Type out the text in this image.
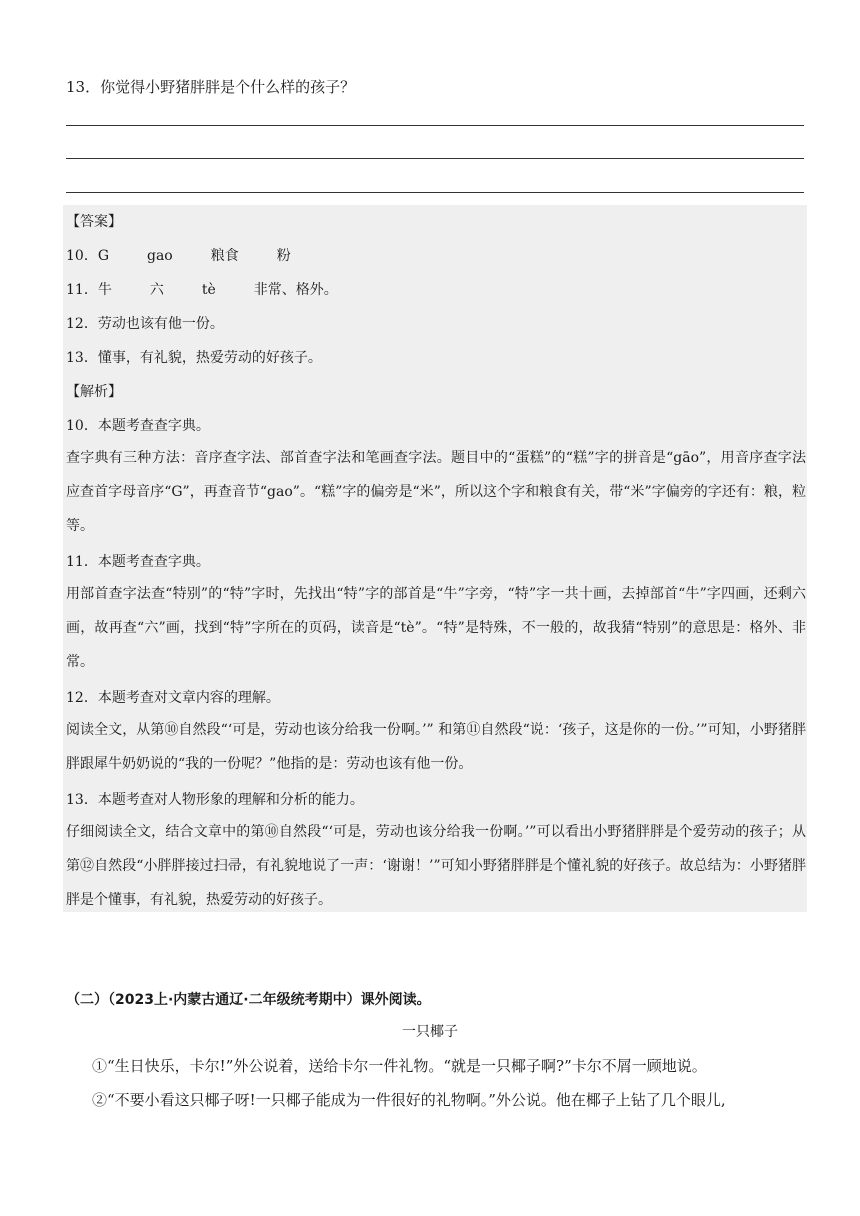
13．你觉得小野猪胖胖是个什么样的孩子？
【答案】
10．G	gao	粮食	粉
11．牛	六	tè	非常、格外。
12．劳动也该有他一份。
13．懂事，有礼貌，热爱劳动的好孩子。
【解析】
10．本题考查查字典。
查字典有三种方法：音序查字法、部首查字法和笔画查字法。题目中的“蛋糕”的“糕”字的拼音是“gāo”，用音序查字法应查首字母音序“G”，再查音节“gao”。“糕”字的偏旁是“米”，所以这个字和粮食有关，带“米”字偏旁的字还有：粮，粒等。
11．本题考查查字典。
用部首查字法查“特别”的“特”字时，先找出“特”字的部首是“牛”字旁，“特”字一共十画，去掉部首“牛”字四画，还剩六画，故再查“六”画，找到“特”字所在的页码，读音是“tè”。“特”是特殊，不一般的，故我猜“特别”的意思是：格外、非常。
12．本题考查对文章内容的理解。
阅读全文，从第⑩自然段“‘可是，劳动也该分给我一份啊。’” 和第⑪自然段“说：‘孩子，这是你的一份。’”可知，小野猪胖胖跟犀牛奶奶说的“我的一份呢？”他指的是：劳动也该有他一份。
13．本题考查对人物形象的理解和分析的能力。
仔细阅读全文，结合文章中的第⑩自然段“‘可是，劳动也该分给我一份啊。’”可以看出小野猪胖胖是个爱劳动的孩子；从第⑫自然段“小胖胖接过扫帚，有礼貌地说了一声：‘谢谢！’”可知小野猪胖胖是个懂礼貌的好孩子。故总结为：小野猪胖胖是个懂事，有礼貌，热爱劳动的好孩子。
（二）（2023上·内蒙古通辽·二年级统考期中）课外阅读。
一只椰子
①“生日快乐，卡尔!”外公说着，送给卡尔一件礼物。“就是一只椰子啊?”卡尔不屑一顾地说。
②“不要小看这只椰子呀!一只椰子能成为一件很好的礼物啊。”外公说。他在椰子上钻了几个眼儿,
